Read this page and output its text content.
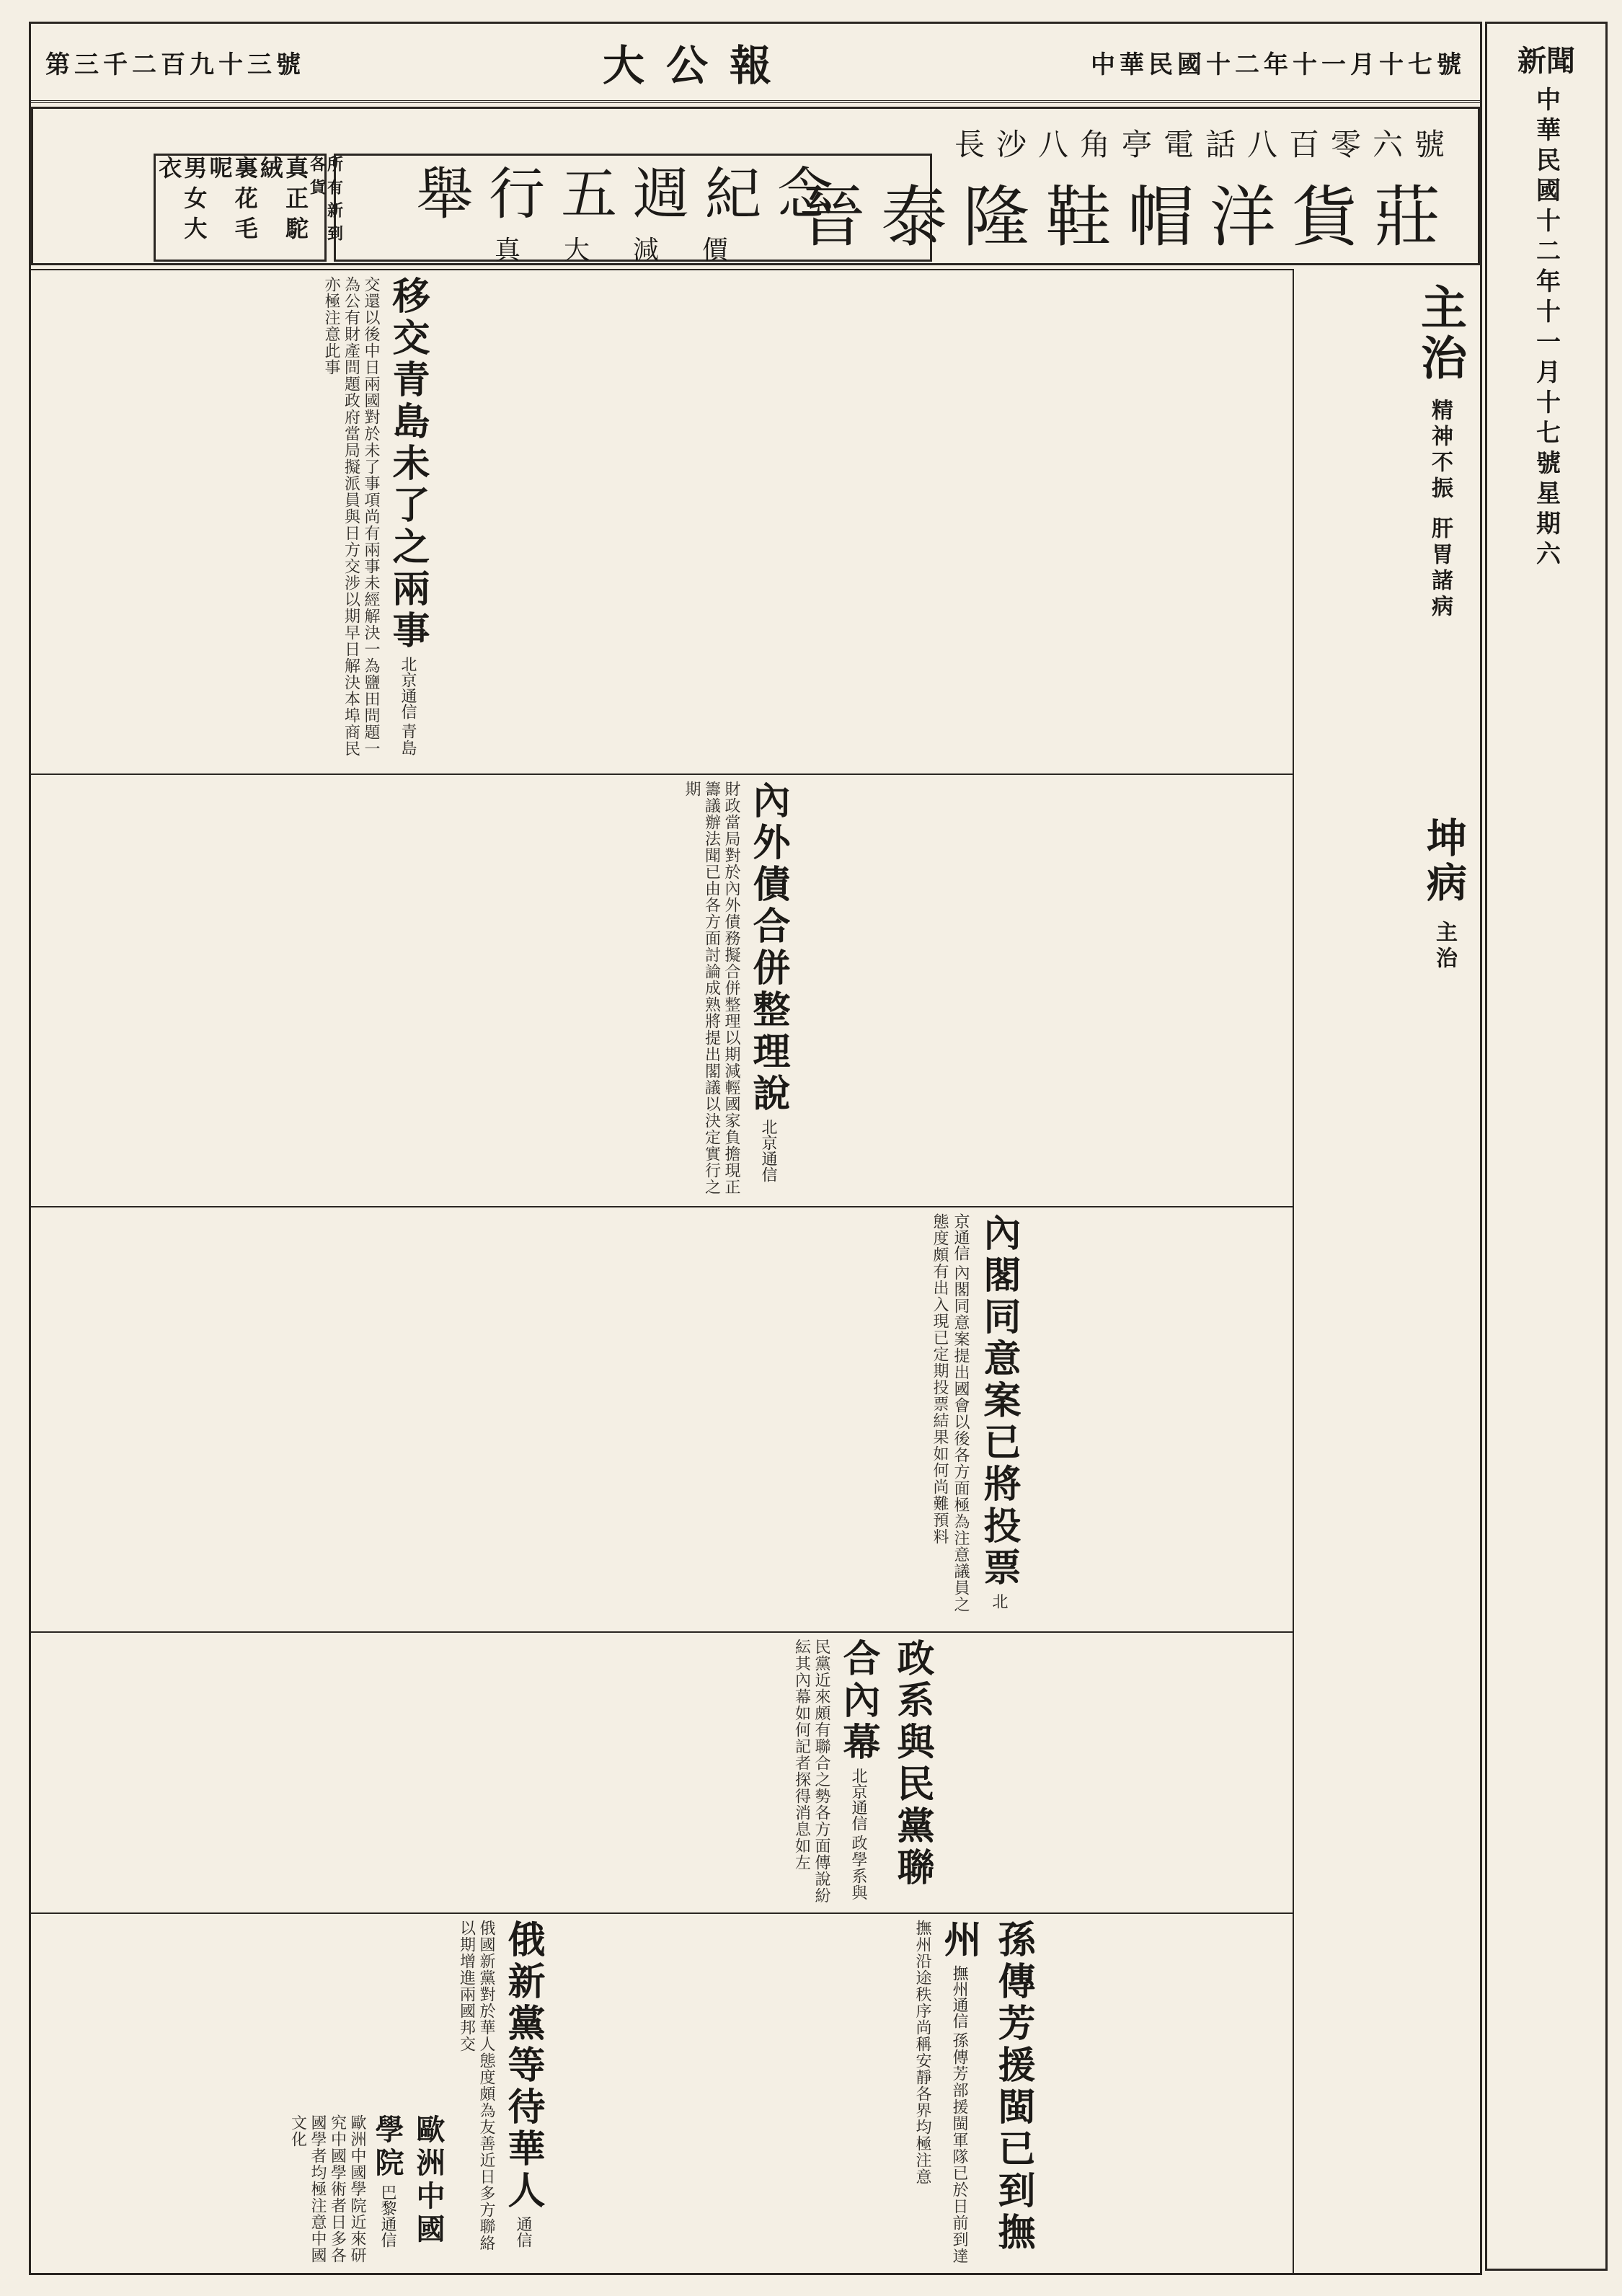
中華民國十二年十一月十七號
大公報
第三千二百九十三號
長沙八角亭電話八百零六號
晉泰隆鞋帽洋貨莊
舉行五週紀念
真大減價
所有新到各貨
真正駝絨
裏花毛呢
男女大衣
移交青島未了之兩事 北京通信 青島交還以後中日兩國對於未了事項尚有兩事未經解決一為鹽田問題一為公有財產問題政府當局擬派員與日方交涉以期早日解決本埠商民亦極注意此事
內外債合併整理說 北京通信 財政當局對於內外債務擬合併整理以期減輕國家負擔現正籌議辦法聞已由各方面討論成熟將提出閣議以決定實行之期
內閣同意案已將投票 北京通信 內閣同意案提出國會以後各方面極為注意議員之態度頗有出入現已定期投票結果如何尚難預料
政系與民黨聯合內幕 北京通信 政學系與民黨近來頗有聯合之勢各方面傳說紛紜其內幕如何記者探得消息如左
孫傳芳援閩已到撫州 撫州通信 孫傳芳部援閩軍隊已於日前到達撫州沿途秩序尚稱安靜各界均極注意
俄新黨等待華人 通信 俄國新黨對於華人態度頗為友善近日多方聯絡以期增進兩國邦交
歐洲中國學院 巴黎通信 歐洲中國學院近來研究中國學術者日多各國學者均極注意中國文化
主治 精神不振 肝胃諸病
坤病 主治
新聞
中華民國十二年十一月十七號星期六
